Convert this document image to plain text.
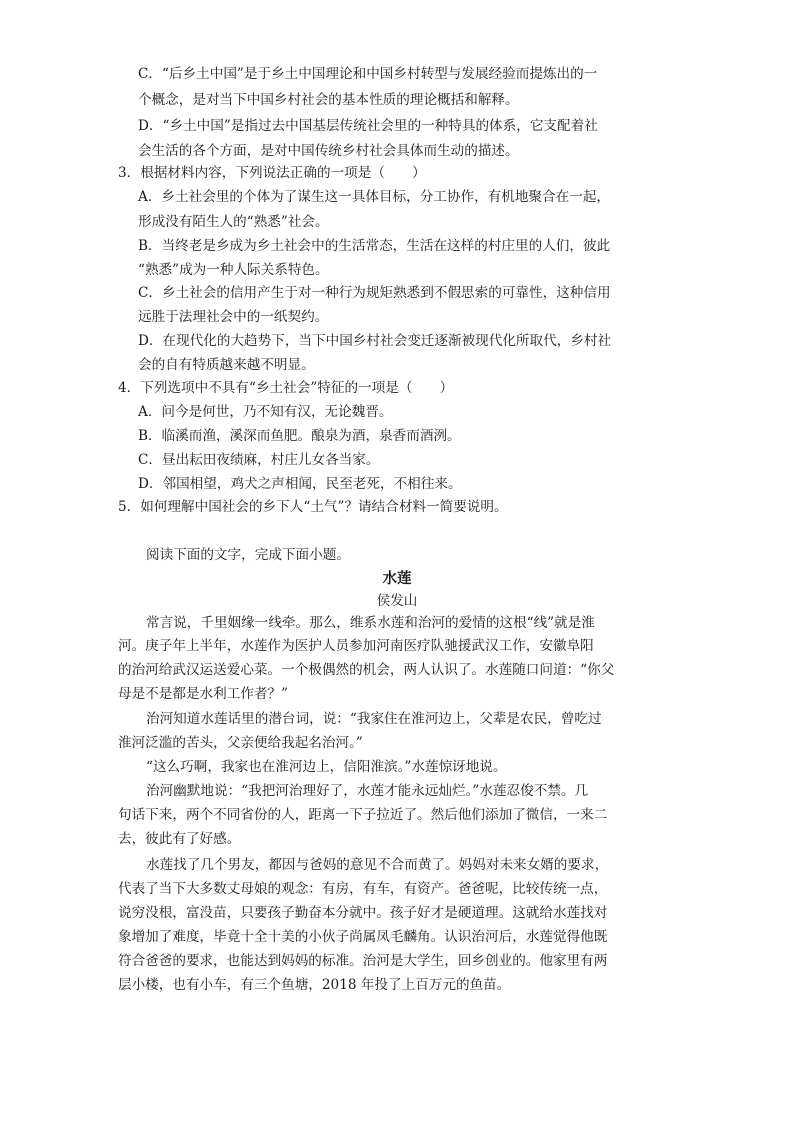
C．“后乡土中国”是于乡土中国理论和中国乡村转型与发展经验而提炼出的一
个概念，是对当下中国乡村社会的基本性质的理论概括和解释。
D．“乡土中国”是指过去中国基层传统社会里的一种特具的体系，它支配着社
会生活的各个方面，是对中国传统乡村社会具体而生动的描述。
3．根据材料内容，下列说法正确的一项是（　　）
A．乡土社会里的个体为了谋生这一具体目标，分工协作，有机地聚合在一起，
形成没有陌生人的“熟悉”社会。
B．当终老是乡成为乡土社会中的生活常态，生活在这样的村庄里的人们，彼此
“熟悉”成为一种人际关系特色。
C．乡土社会的信用产生于对一种行为规矩熟悉到不假思索的可靠性，这种信用
远胜于法理社会中的一纸契约。
D．在现代化的大趋势下，当下中国乡村社会变迁逐渐被现代化所取代，乡村社
会的自有特质越来越不明显。
4．下列选项中不具有“乡土社会”特征的一项是（　　）
A．问今是何世，乃不知有汉，无论魏晋。
B．临溪而渔，溪深而鱼肥。酿泉为酒，泉香而酒洌。
C．昼出耘田夜绩麻，村庄儿女各当家。
D．邻国相望，鸡犬之声相闻，民至老死，不相往来。
5．如何理解中国社会的乡下人“土气”？请结合材料一简要说明。
阅读下面的文字，完成下面小题。
水莲
侯发山
常言说，千里姻缘一线牵。那么，维系水莲和治河的爱情的这根“线”就是淮
河。庚子年上半年，水莲作为医护人员参加河南医疗队驰援武汉工作，安徽阜阳
的治河给武汉运送爱心菜。一个极偶然的机会，两人认识了。水莲随口问道：“你父
母是不是都是水利工作者？”
治河知道水莲话里的潜台词，说：“我家住在淮河边上，父辈是农民，曾吃过
淮河泛滥的苦头，父亲便给我起名治河。”
“这么巧啊，我家也在淮河边上，信阳淮滨。”水莲惊讶地说。
治河幽默地说：“我把河治理好了，水莲才能永远灿烂。”水莲忍俊不禁。几
句话下来，两个不同省份的人，距离一下子拉近了。然后他们添加了微信，一来二
去，彼此有了好感。
水莲找了几个男友，都因与爸妈的意见不合而黄了。妈妈对未来女婿的要求，
代表了当下大多数丈母娘的观念：有房，有车，有资产。爸爸呢，比较传统一点，
说穷没根，富没苗，只要孩子勤奋本分就中。孩子好才是硬道理。这就给水莲找对
象增加了难度，毕竟十全十美的小伙子尚属凤毛麟角。认识治河后，水莲觉得他既
符合爸爸的要求，也能达到妈妈的标准。治河是大学生，回乡创业的。他家里有两
层小楼，也有小车，有三个鱼塘，2018 年投了上百万元的鱼苗。
